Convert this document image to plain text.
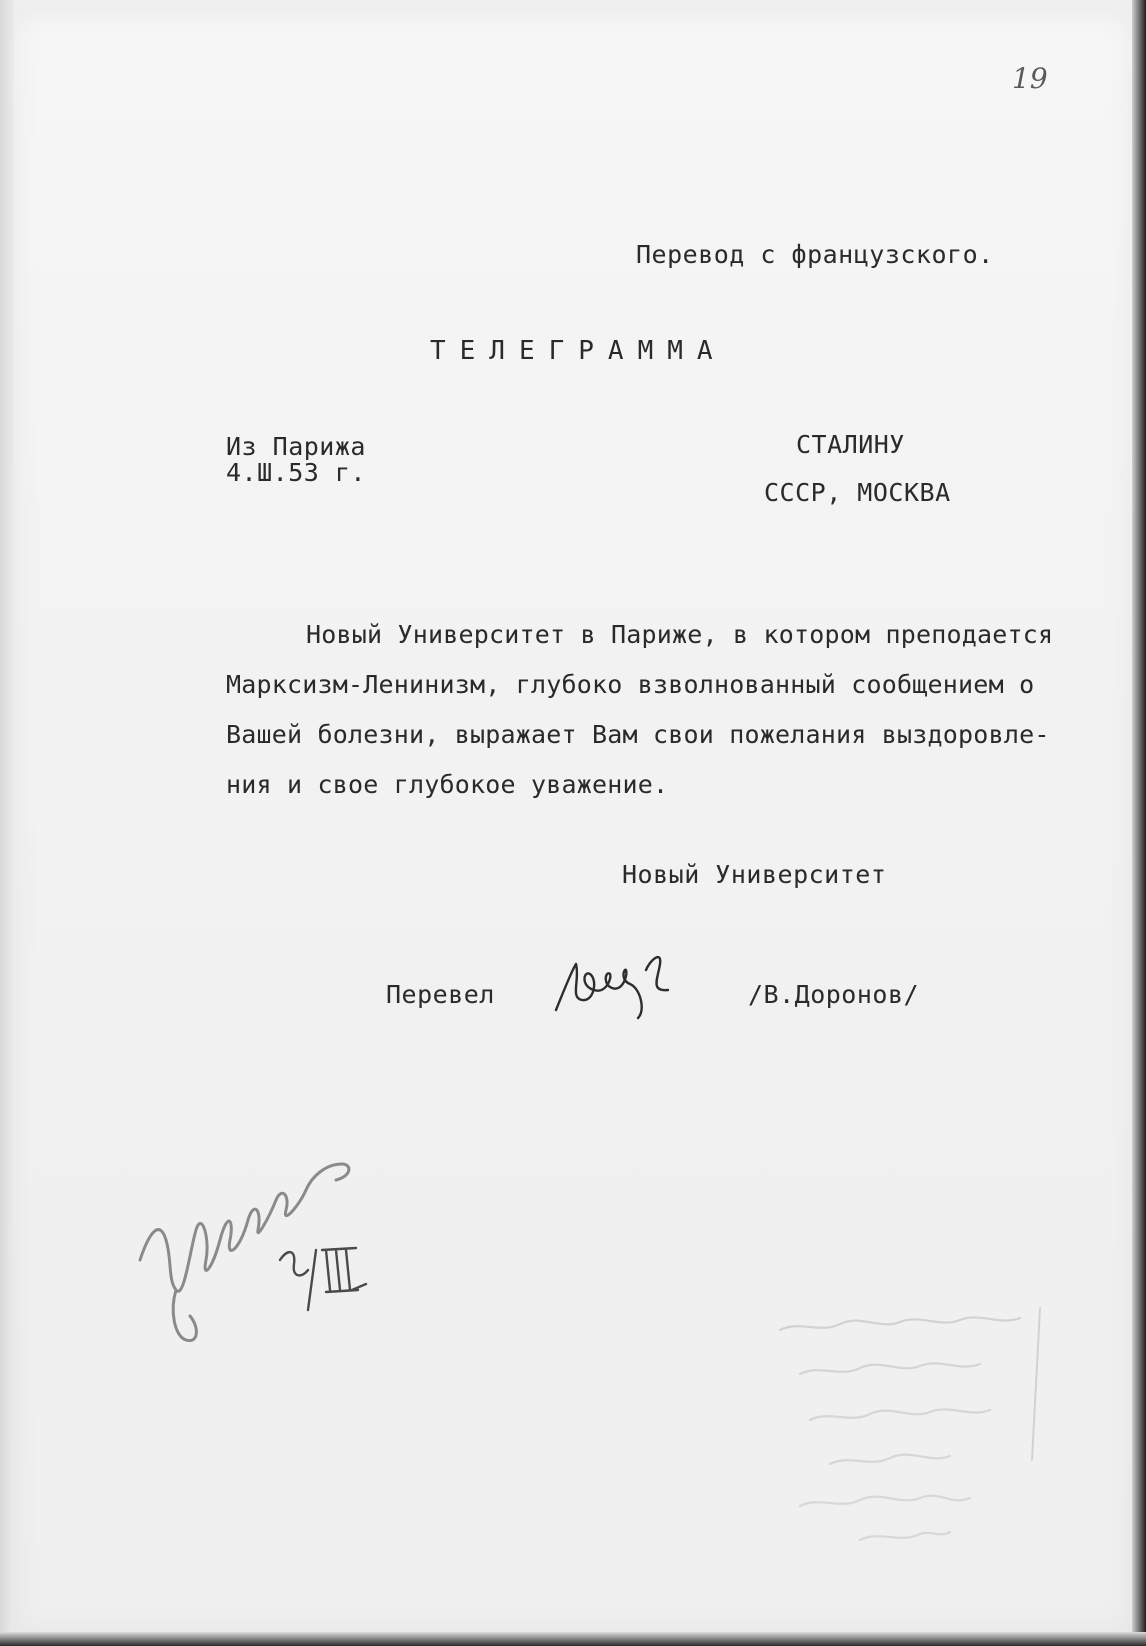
19
Перевод с французского.
ТЕЛЕГРАММА
Из Парижа
4.Ш.53 г.
СТАЛИНУ
СССР, МОСКВА
Новый Университет в Париже, в котором преподается
Марксизм-Ленинизм, глубоко взволнованный сообщением о
Вашей болезни, выражает Вам свои пожелания выздоровле-
ния и свое глубокое уважение.
Новый Университет
Перевел	/В.Доронов/
